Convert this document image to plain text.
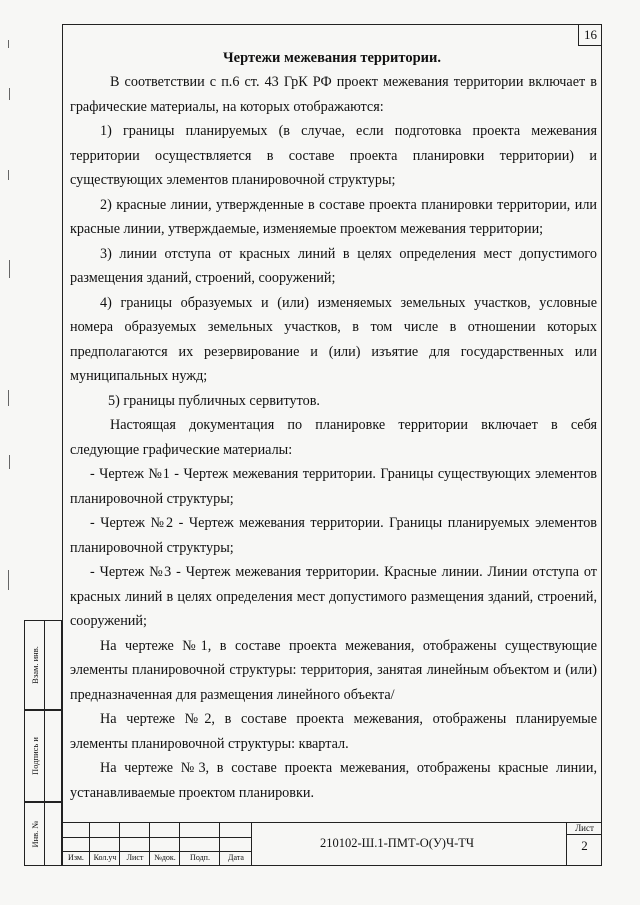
16
Чертежи межевания территории.

В соответствии с п.6 ст. 43 ГрК РФ проект межевания территории включает в графические материалы, на которых отображаются:

1) границы планируемых (в случае, если подготовка проекта межевания территории осуществляется в составе проекта планировки территории) и существующих элементов планировочной структуры;

2) красные линии, утвержденные в составе проекта планировки территории, или красные линии, утверждаемые, изменяемые проектом межевания территории;

3) линии отступа от красных линий в целях определения мест допустимого размещения зданий, строений, сооружений;

4) границы образуемых и (или) изменяемых земельных участков, условные номера образуемых земельных участков, в том числе в отношении которых предполагаются их резервирование и (или) изъятие для государственных или муниципальных нужд;

5) границы публичных сервитутов.

Настоящая документация по планировке территории включает в себя следующие графические материалы:

- Чертеж №1 - Чертеж межевания территории. Границы существующих элементов планировочной структуры;

- Чертеж №2 - Чертеж межевания территории. Границы планируемых элементов планировочной структуры;

- Чертеж №3 - Чертеж межевания территории. Красные линии. Линии отступа от красных линий в целях определения мест допустимого размещения зданий, строений, сооружений;

На чертеже №1, в составе проекта межевания, отображены существующие элементы планировочной структуры: территория, занятая линейным объектом и (или) предназначенная для размещения линейного объекта/

На чертеже №2, в составе проекта межевания, отображены планируемые элементы планировочной структуры: квартал.

На чертеже №3, в составе проекта межевания, отображены красные линии, устанавливаемые проектом планировки.

Изм.	Кол.уч	Лист	№док.	Подп.	Дата
210102-Ш.1-ПМТ-О(У)Ч-ТЧ
Лист
2
Взам. инв.
Подпись и
Инв. №
